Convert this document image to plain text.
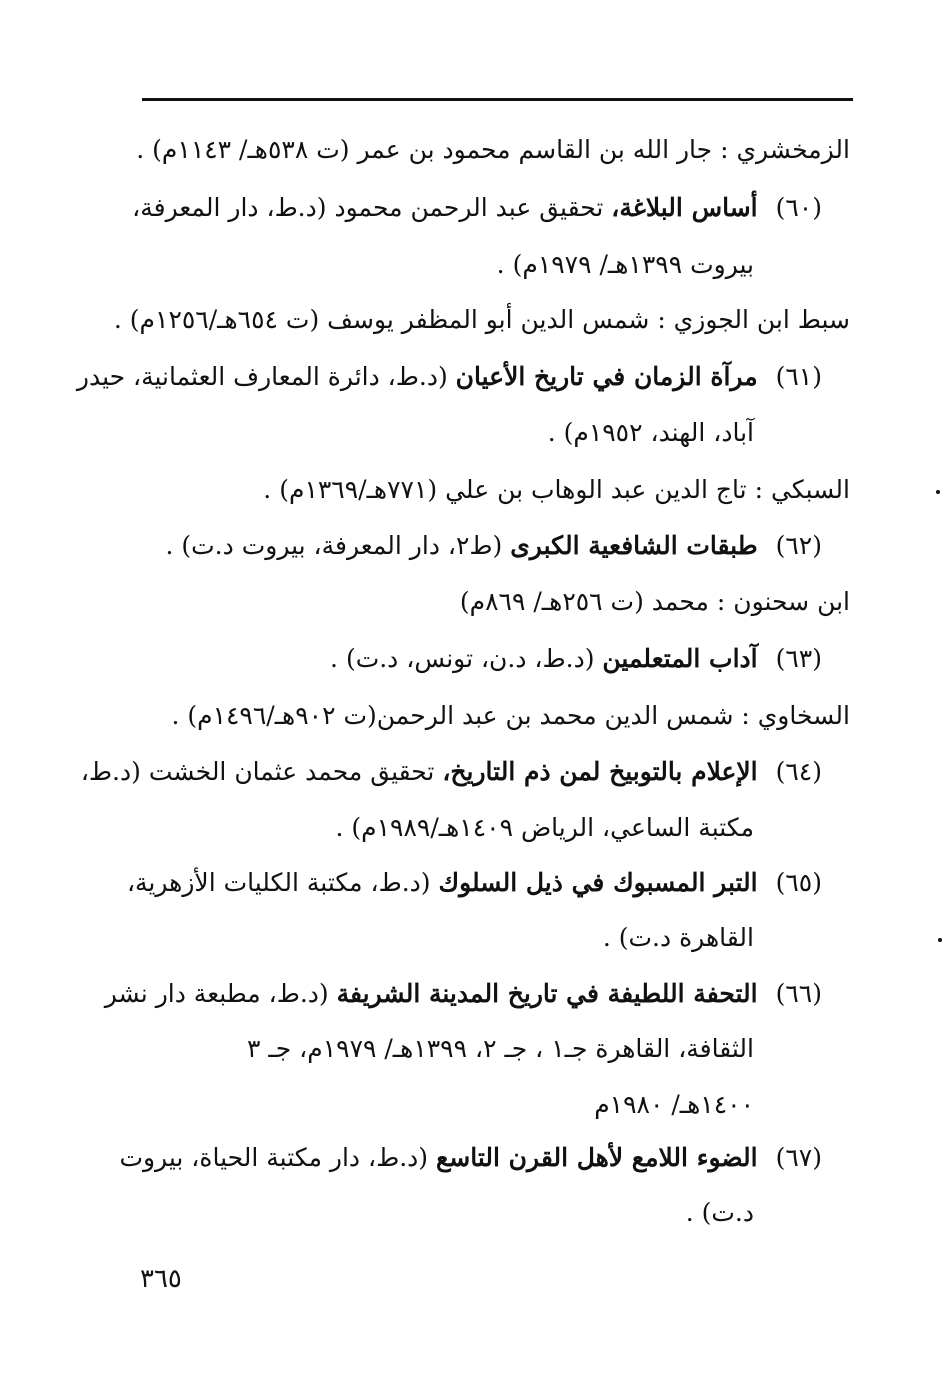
الزمخشري : جار الله بن القاسم محمود بن عمر (ت ٥٣٨هـ/ ١١٤٣م) .
(٦٠)أساس البلاغة، تحقيق عبد الرحمن محمود (د.ط، دار المعرفة،
بيروت ١٣٩٩هـ/ ١٩٧٩م) .
سبط ابن الجوزي : شمس الدين أبو المظفر يوسف (ت ٦٥٤هـ/١٢٥٦م) .
(٦١)مرآة الزمان في تاريخ الأعيان (د.ط، دائرة المعارف العثمانية، حيدر
آباد، الهند، ١٩٥٢م) .
السبكي : تاج الدين عبد الوهاب بن علي (٧٧١هـ/١٣٦٩م) .
(٦٢)طبقات الشافعية الكبرى (ط٢، دار المعرفة، بيروت د.ت) .
ابن سحنون : محمد (ت ٢٥٦هـ/ ٨٦٩م)
(٦٣)آداب المتعلمين (د.ط، د.ن، تونس، د.ت) .
السخاوي : شمس الدين محمد بن عبد الرحمن(ت ٩٠٢هـ/١٤٩٦م) .
(٦٤)الإعلام بالتوبيخ لمن ذم التاريخ، تحقيق محمد عثمان الخشت (د.ط،
مكتبة الساعي، الرياض ١٤٠٩هـ/١٩٨٩م) .
(٦٥)التبر المسبوك في ذيل السلوك (د.ط، مكتبة الكليات الأزهرية،
القاهرة د.ت) .
(٦٦)التحفة اللطيفة في تاريخ المدينة الشريفة (د.ط، مطبعة دار نشر
الثقافة، القاهرة جـ١ ، جـ ٢، ١٣٩٩هـ/ ١٩٧٩م، جـ ٣
١٤٠٠هـ/ ١٩٨٠م
(٦٧)الضوء اللامع لأهل القرن التاسع (د.ط، دار مكتبة الحياة، بيروت
د.ت) .
٣٦٥
